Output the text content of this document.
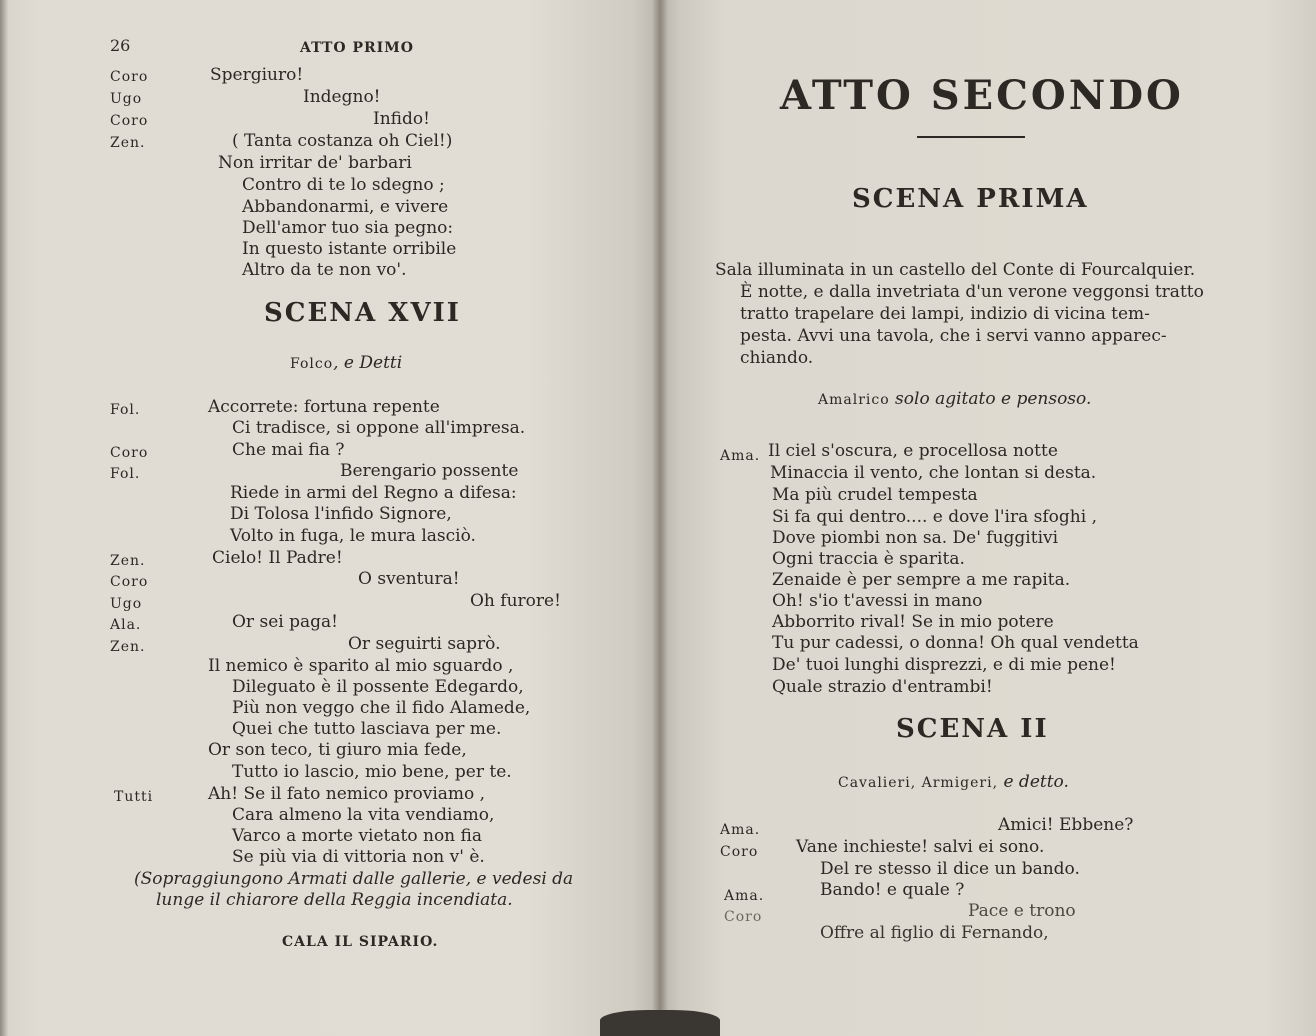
26	ATTO PRIMO
Coro	Spergiuro!
Ugo	Indegno!
Coro	Infido!
Zen.	( Tanta costanza oh Ciel!)
Non irritar de' barbari
Contro di te lo sdegno ;
Abbandonarmi, e vivere
Dell'amor tuo sia pegno:
In questo istante orribile
Altro da te non vo'.
SCENA XVII
Folco, e Detti
Fol.	Accorrete: fortuna repente
Ci tradisce, si oppone all'impresa.
Coro	Che mai fia ?
Fol.	Berengario possente
Riede in armi del Regno a difesa:
Di Tolosa l'infido Signore,
Volto in fuga, le mura lasciò.
Zen.	Cielo! Il Padre!
Coro	O sventura!
Ugo	Oh furore!
Ala.	Or sei paga!
Zen.	Or seguirti saprò.
Il nemico è sparito al mio sguardo ,
Dileguato è il possente Edegardo,
Più non veggo che il fido Alamede,
Quei che tutto lasciava per me.
Or son teco, ti giuro mia fede,
Tutto io lascio, mio bene, per te.
Tutti	Ah! Se il fato nemico proviamo ,
Cara almeno la vita vendiamo,
Varco a morte vietato non fia
Se più via di vittoria non v' è.
(Sopraggiungono Armati dalle gallerie, e vedesi da
lunge il chiarore della Reggia incendiata.
CALA IL SIPARIO.
ATTO SECONDO
SCENA PRIMA
Sala illuminata in un castello del Conte di Fourcalquier.
È notte, e dalla invetriata d'un verone veggonsi tratto
tratto trapelare dei lampi, indizio di vicina tem-
pesta. Avvi una tavola, che i servi vanno apparec-
chiando.
Amalrico solo agitato e pensoso.
Ama. Il ciel s'oscura, e procellosa notte
Minaccia il vento, che lontan si desta.
Ma più crudel tempesta
Si fa qui dentro.... e dove l'ira sfoghi ,
Dove piombi non sa. De' fuggitivi
Ogni traccia è sparita.
Zenaide è per sempre a me rapita.
Oh! s'io t'avessi in mano
Abborrito rival! Se in mio potere
Tu pur cadessi, o donna! Oh qual vendetta
De' tuoi lunghi disprezzi, e di mie pene!
Quale strazio d'entrambi!
SCENA II
Cavalieri, Armigeri, e detto.
Ama.	Amici! Ebbene?
Coro Vane inchieste! salvi ei sono.
Del re stesso il dice un bando.
Ama.	Bando! e quale ?
Coro	Pace e trono
Offre al figlio di Fernando,
